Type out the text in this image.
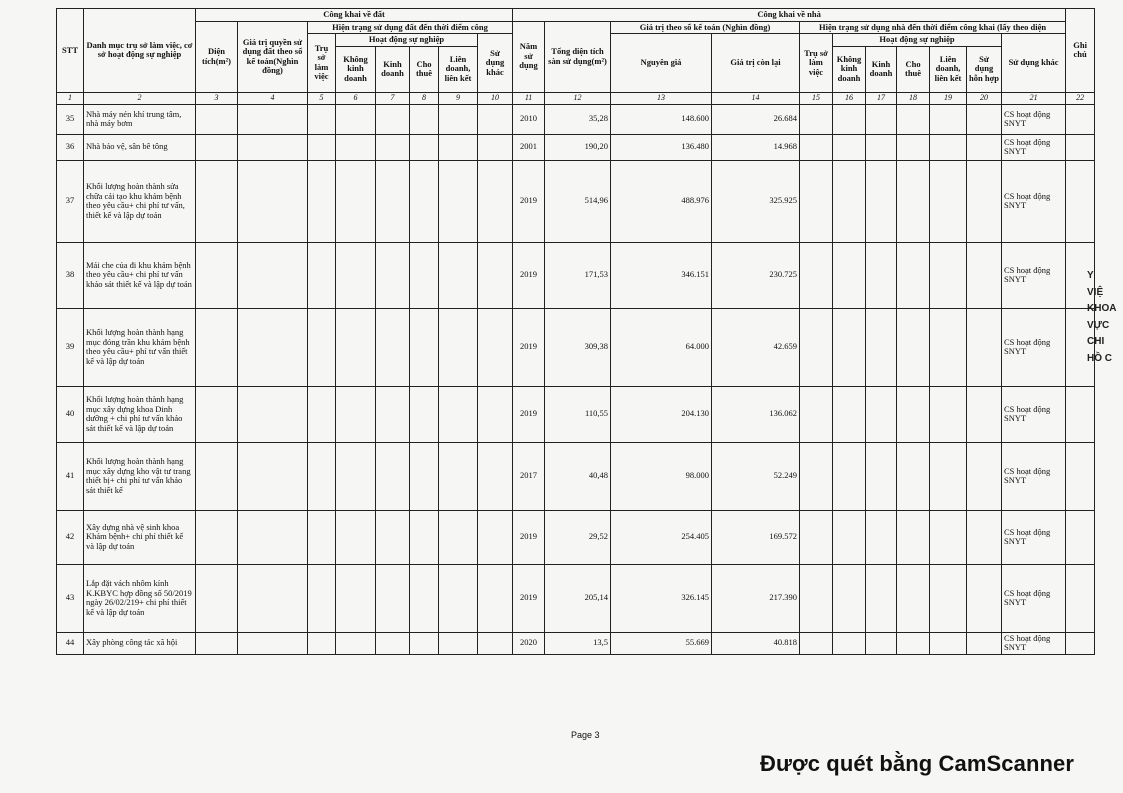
STT	Danh mục trụ sở làm việc, cơ sở hoạt động sự nghiệp	Công khai về đất								Công khai về nhà											Ghi chú
		Diện tích(m²)	Giá trị quyền sử dụng đất theo sổ kế toán(Nghìn đồng)	Hiện trạng sử dụng đất đến thời điểm công						Năm sử dụng	Tổng diện tích sàn sử dụng(m²)	Giá trị theo sổ kế toán (Nghìn đồng)		Hiện trạng sử dụng nhà đến thời điểm công khai (lấy theo diện							
				Trụ sở làm việc	Hoạt động sự nghiệp				Sử dụng khác			Nguyên giá	Giá trị còn lại	Trụ sở làm việc	Hoạt động sự nghiệp					Sử dụng khác	
					Không kinh doanh	Kinh doanh	Cho thuê	Liên doanh, liên kết							Không kinh doanh	Kinh doanh	Cho thuê	Liên doanh, liên kết	Sử dụng hỗn hợp		
1	2	3	4	5	6	7	8	9	10	11	12	13	14	15	16	17	18	19	20	21	22
35	Nhà máy nén khí trung tâm, nhà máy bơm									2010	35,28	148.600	26.684							CS hoạt động SNYT	
36	Nhà bảo vệ, sân bê tông									2001	190,20	136.480	14.968							CS hoạt động SNYT	
37	Khối lượng hoàn thành sửa chữa cải tạo khu khám bệnh theo yêu cầu+ chi phí tư vấn, thiết kế và lập dự toán									2019	514,96	488.976	325.925							CS hoạt động SNYT	
38	Mái che của đi khu khám bệnh theo yêu cầu+ chi phí tư vấn khảo sát thiết kế và lập dự toán									2019	171,53	346.151	230.725							CS hoạt động SNYT	
39	Khối lượng hoàn thành hạng mục đóng trần khu khám bệnh theo yêu cầu+ phí tư vấn thiết kế và lập dự toán									2019	309,38	64.000	42.659							CS hoạt động SNYT	
40	Khối lượng hoàn thành hạng mục xây dựng khoa Dinh dưỡng + chi phí tư vấn khảo sát thiết kế và lập dự toán									2019	110,55	204.130	136.062							CS hoạt động SNYT	
41	Khối lượng hoàn thành hạng mục xây dựng kho vật tư trang thiết bị+ chi phí tư vấn khảo sát thiết kế									2017	40,48	98.000	52.249							CS hoạt động SNYT	
42	Xây dựng nhà vệ sinh khoa Khám bệnh+ chi phí thiết kế và lập dự toán									2019	29,52	254.405	169.572							CS hoạt động SNYT	
43	Lắp đặt vách nhôm kính K.KBYC hợp đồng số 50/2019 ngày 26/02/219+ chi phí thiết kế và lập dự toán									2019	205,14	326.145	217.390							CS hoạt động SNYT	
44	Xây phòng công tác xã hội									2020	13,5	55.669	40.818							CS hoạt động SNYT	
Y
VIỆ
KHOA
VỰC
CHI
HỒ C
Page 3
Được quét bằng CamScanner
